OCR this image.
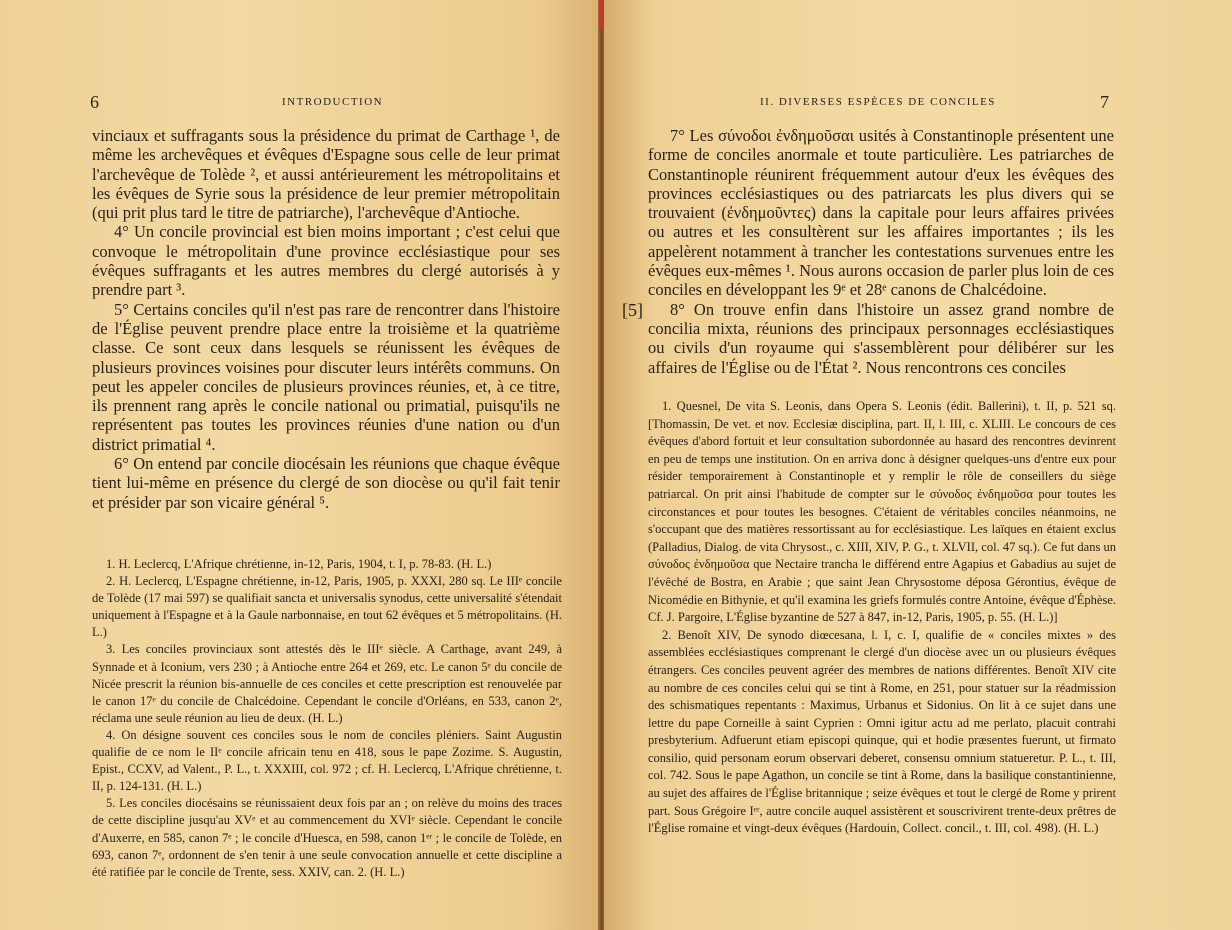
6	INTRODUCTION

vinciaux et suffragants sous la présidence du primat de Carthage ¹, de même les archevêques et évêques d'Espagne sous celle de leur primat l'archevêque de Tolède ², et aussi antérieurement les métropolitains et les évêques de Syrie sous la présidence de leur premier métropolitain (qui prit plus tard le titre de patriarche), l'archevêque d'Antioche.

4° Un concile provincial est bien moins important ; c'est celui que convoque le métropolitain d'une province ecclésiastique pour ses évêques suffragants et les autres membres du clergé autorisés à y prendre part ³.

5° Certains conciles qu'il n'est pas rare de rencontrer dans l'histoire de l'Église peuvent prendre place entre la troisième et la quatrième classe. Ce sont ceux dans lesquels se réunissent les évêques de plusieurs provinces voisines pour discuter leurs intérêts communs. On peut les appeler conciles de plusieurs provinces réunies, et, à ce titre, ils prennent rang après le concile national ou primatial, puisqu'ils ne représentent pas toutes les provinces réunies d'une nation ou d'un district primatial ⁴.

6° On entend par concile diocésain les réunions que chaque évêque tient lui-même en présence du clergé de son diocèse ou qu'il fait tenir et présider par son vicaire général ⁵.

1. H. Leclercq, L'Afrique chrétienne, in-12, Paris, 1904, t. I, p. 78-83. (H. L.)

2. H. Leclercq, L'Espagne chrétienne, in-12, Paris, 1905, p. XXXI, 280 sq. Le IIIᵉ concile de Tolède (17 mai 597) se qualifiait sancta et universalis synodus, cette universalité s'étendait uniquement à l'Espagne et à la Gaule narbonnaise, en tout 62 évêques et 5 métropolitains. (H. L.)

3. Les conciles provinciaux sont attestés dès le IIIᵉ siècle. A Carthage, avant 249, à Synnade et à Iconium, vers 230 ; à Antioche entre 264 et 269, etc. Le canon 5ᵉ du concile de Nicée prescrit la réunion bis-annuelle de ces conciles et cette prescription est renouvelée par le canon 17ᵉ du concile de Chalcédoine. Cependant le concile d'Orléans, en 533, canon 2ᵉ, réclama une seule réunion au lieu de deux. (H. L.)

4. On désigne souvent ces conciles sous le nom de conciles pléniers. Saint Augustin qualifie de ce nom le IIᵉ concile africain tenu en 418, sous le pape Zozime. S. Augustin, Epist., CCXV, ad Valent., P. L., t. XXXIII, col. 972 ; cf. H. Leclercq, L'Afrique chrétienne, t. II, p. 124-131. (H. L.)

5. Les conciles diocésains se réunissaient deux fois par an ; on relève du moins des traces de cette discipline jusqu'au XVᵉ et au commencement du XVIᵉ siècle. Cependant le concile d'Auxerre, en 585, canon 7ᵉ ; le concile d'Huesca, en 598, canon 1ᵉʳ ; le concile de Tolède, en 693, canon 7ᵉ, ordonnent de s'en tenir à une seule convocation annuelle et cette discipline a été ratifiée par le concile de Trente, sess. XXIV, can. 2. (H. L.)

II. DIVERSES ESPÈCES DE CONCILES	7
[5]

7° Les σύνοδοι ἐνδημοῦσαι usités à Constantinople présentent une forme de conciles anormale et toute particulière. Les patriarches de Constantinople réunirent fréquemment autour d'eux les évêques des provinces ecclésiastiques ou des patriarcats les plus divers qui se trouvaient (ἐνδημοῦντες) dans la capitale pour leurs affaires privées ou autres et les consultèrent sur les affaires importantes ; ils les appelèrent notamment à trancher les contestations survenues entre les évêques eux-mêmes ¹. Nous aurons occasion de parler plus loin de ces conciles en développant les 9ᵉ et 28ᵉ canons de Chalcédoine.

8° On trouve enfin dans l'histoire un assez grand nombre de concilia mixta, réunions des principaux personnages ecclésiastiques ou civils d'un royaume qui s'assemblèrent pour délibérer sur les affaires de l'Église ou de l'État ². Nous rencontrons ces conciles

1. Quesnel, De vita S. Leonis, dans Opera S. Leonis (édit. Ballerini), t. II, p. 521 sq. [Thomassin, De vet. et nov. Ecclesiæ disciplina, part. II, l. III, c. XLIII. Le concours de ces évêques d'abord fortuit et leur consultation subordonnée au hasard des rencontres devinrent en peu de temps une institution. On en arriva donc à désigner quelques-uns d'entre eux pour résider temporairement à Constantinople et y remplir le rôle de conseillers du siège patriarcal. On prit ainsi l'habitude de compter sur le σύνοδος ἐνδημοῦσα pour toutes les circonstances et pour toutes les besognes. C'étaient de véritables conciles néanmoins, ne s'occupant que des matières ressortissant au for ecclésiastique. Les laïques en étaient exclus (Palladius, Dialog. de vita Chrysost., c. XIII, XIV, P. G., t. XLVII, col. 47 sq.). Ce fut dans un σύνοδος ἐνδημοῦσα que Nectaire trancha le différend entre Agapius et Gabadius au sujet de l'évêché de Bostra, en Arabie ; que saint Jean Chrysostome déposa Gérontius, évêque de Nicomédie en Bithynie, et qu'il examina les griefs formulés contre Antoine, évêque d'Éphèse. Cf. J. Pargoire, L'Église byzantine de 527 à 847, in-12, Paris, 1905, p. 55. (H. L.)]

2. Benoît XIV, De synodo diœcesana, l. I, c. I, qualifie de « conciles mixtes » des assemblées ecclésiastiques comprenant le clergé d'un diocèse avec un ou plusieurs évêques étrangers. Ces conciles peuvent agréer des membres de nations différentes. Benoît XIV cite au nombre de ces conciles celui qui se tint à Rome, en 251, pour statuer sur la réadmission des schismatiques repentants : Maximus, Urbanus et Sidonius. On lit à ce sujet dans une lettre du pape Corneille à saint Cyprien : Omni igitur actu ad me perlato, placuit contrahi presbyterium. Adfuerunt etiam episcopi quinque, qui et hodie præsentes fuerunt, ut firmato consilio, quid personam eorum observari deberet, consensu omnium statueretur. P. L., t. III, col. 742. Sous le pape Agathon, un concile se tint à Rome, dans la basilique constantinienne, au sujet des affaires de l'Église britannique ; seize évêques et tout le clergé de Rome y prirent part. Sous Grégoire Iᵉʳ, autre concile auquel assistèrent et souscrivirent trente-deux prêtres de l'Église romaine et vingt-deux évêques (Hardouin, Collect. concil., t. III, col. 498). (H. L.)
